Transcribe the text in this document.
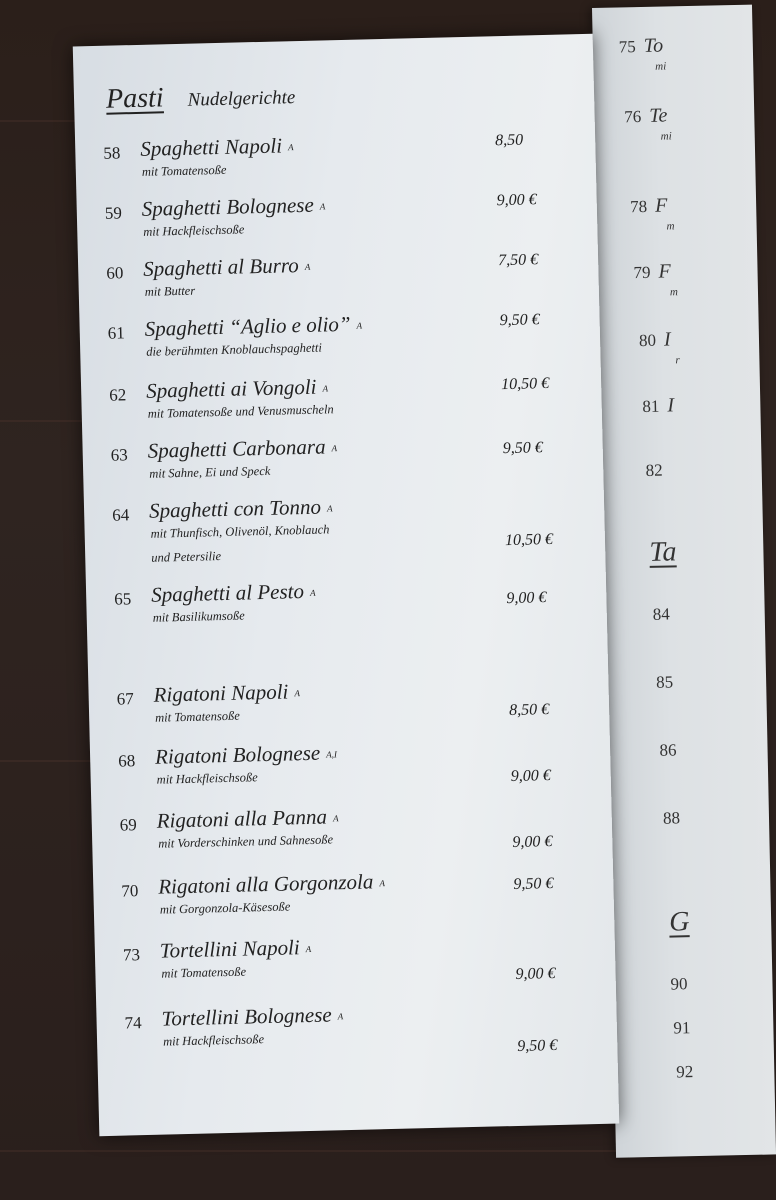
75 To
mi
76 Te
mi
78 F
m
79 F
m
80 I
r
81 I
82
Ta
84
85
86
88
G
90
91
92
Pasti Nudelgerichte
58 Spaghetti Napoli A
mit Tomatensoße
8,50
59 Spaghetti Bolognese A
mit Hackfleischsoße
9,00 €
60 Spaghetti al Burro A
mit Butter
7,50 €
61 Spaghetti “Aglio e olio” A
die berühmten Knoblauchspaghetti
9,50 €
62 Spaghetti ai Vongoli A
mit Tomatensoße und Venusmuscheln
10,50 €
63 Spaghetti Carbonara A
mit Sahne, Ei und Speck
9,50 €
64 Spaghetti con Tonno A
mit Thunfisch, Olivenöl, Knoblauch
und Petersilie
10,50 €
65 Spaghetti al Pesto A
mit Basilikumsoße
9,00 €
67 Rigatoni Napoli A
mit Tomatensoße	8,50 €
68 Rigatoni Bolognese A,I
mit Hackfleischsoße	9,00 €
69 Rigatoni alla Panna A
mit Vorderschinken und Sahnesoße	9,00 €
70 Rigatoni alla Gorgonzola A
mit Gorgonzola-Käsesoße
9,50 €
73 Tortellini Napoli A
mit Tomatensoße	9,00 €
74 Tortellini Bolognese A
mit Hackfleischsoße	9,50 €
